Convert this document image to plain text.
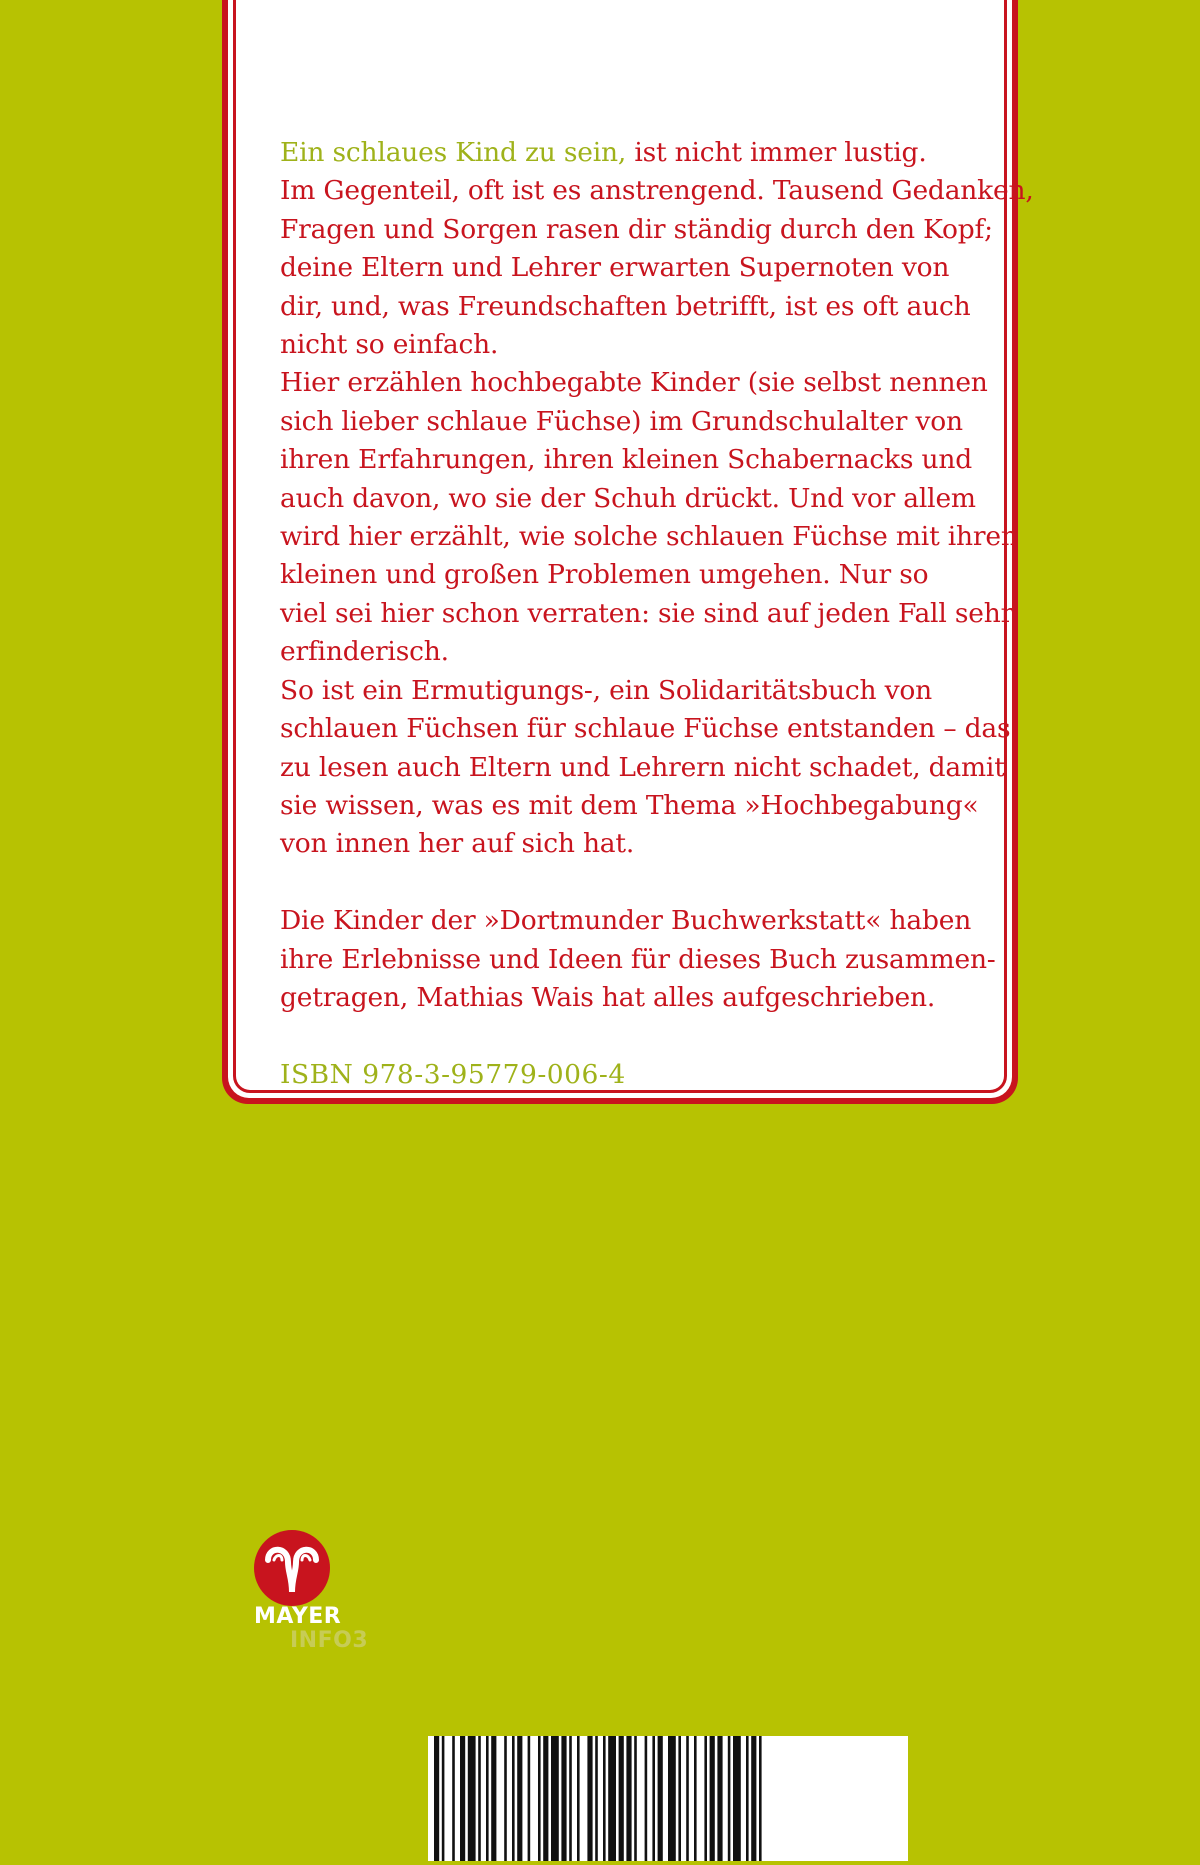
Ein schlaues Kind zu sein, ist nicht immer lustig.
Im Gegenteil, oft ist es anstrengend. Tausend Gedanken,
Fragen und Sorgen rasen dir ständig durch den Kopf;
deine Eltern und Lehrer erwarten Supernoten von
dir, und, was Freundschaften betrifft, ist es oft auch
nicht so einfach.
Hier erzählen hochbegabte Kinder (sie selbst nennen
sich lieber schlaue Füchse) im Grundschulalter von
ihren Erfahrungen, ihren kleinen Schabernacks und
auch davon, wo sie der Schuh drückt. Und vor allem
wird hier erzählt, wie solche schlauen Füchse mit ihren
kleinen und großen Problemen umgehen. Nur so
viel sei hier schon verraten: sie sind auf jeden Fall sehr
erfinderisch.
So ist ein Ermutigungs-, ein Solidaritätsbuch von
schlauen Füchsen für schlaue Füchse entstanden – das
zu lesen auch Eltern und Lehrern nicht schadet, damit
sie wissen, was es mit dem Thema »Hochbegabung«
von innen her auf sich hat.

Die Kinder der »Dortmunder Buchwerkstatt« haben
ihre Erlebnisse und Ideen für dieses Buch zusammen-
getragen, Mathias Wais hat alles aufgeschrieben.

ISBN 978-3-95779-006-4

MAYER
INFO3
